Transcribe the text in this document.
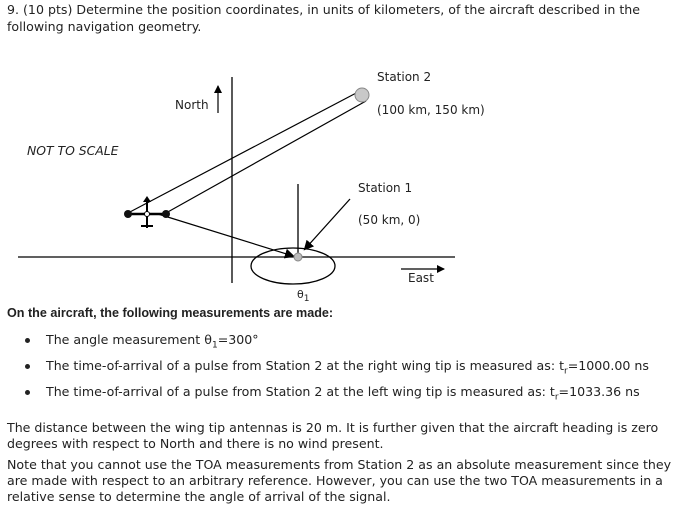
9. (10 pts) Determine the position coordinates, in units of kilometers, of the aircraft described in the following navigation geometry.
NOT TO SCALE
North
East
Station 2
(100 km, 150 km)
Station 1
(50 km, 0)
$\theta_1$
On the aircraft, the following measurements are made:
The angle measurement $\theta_1=300^\circ$
The time-of-arrival of a pulse from Station 2 at the right wing tip is measured as: $t_r=1000.00$ ns
The time-of-arrival of a pulse from Station 2 at the left wing tip is measured as: $t_r=1033.36$ ns
The distance between the wing tip antennas is 20 m. It is further given that the aircraft heading is zero degrees with respect to North and there is no wind present.
Note that you cannot use the TOA measurements from Station 2 as an absolute measurement since they are made with respect to an arbitrary reference. However, you can use the two TOA measurements in a relative sense to determine the angle of arrival of the signal.
